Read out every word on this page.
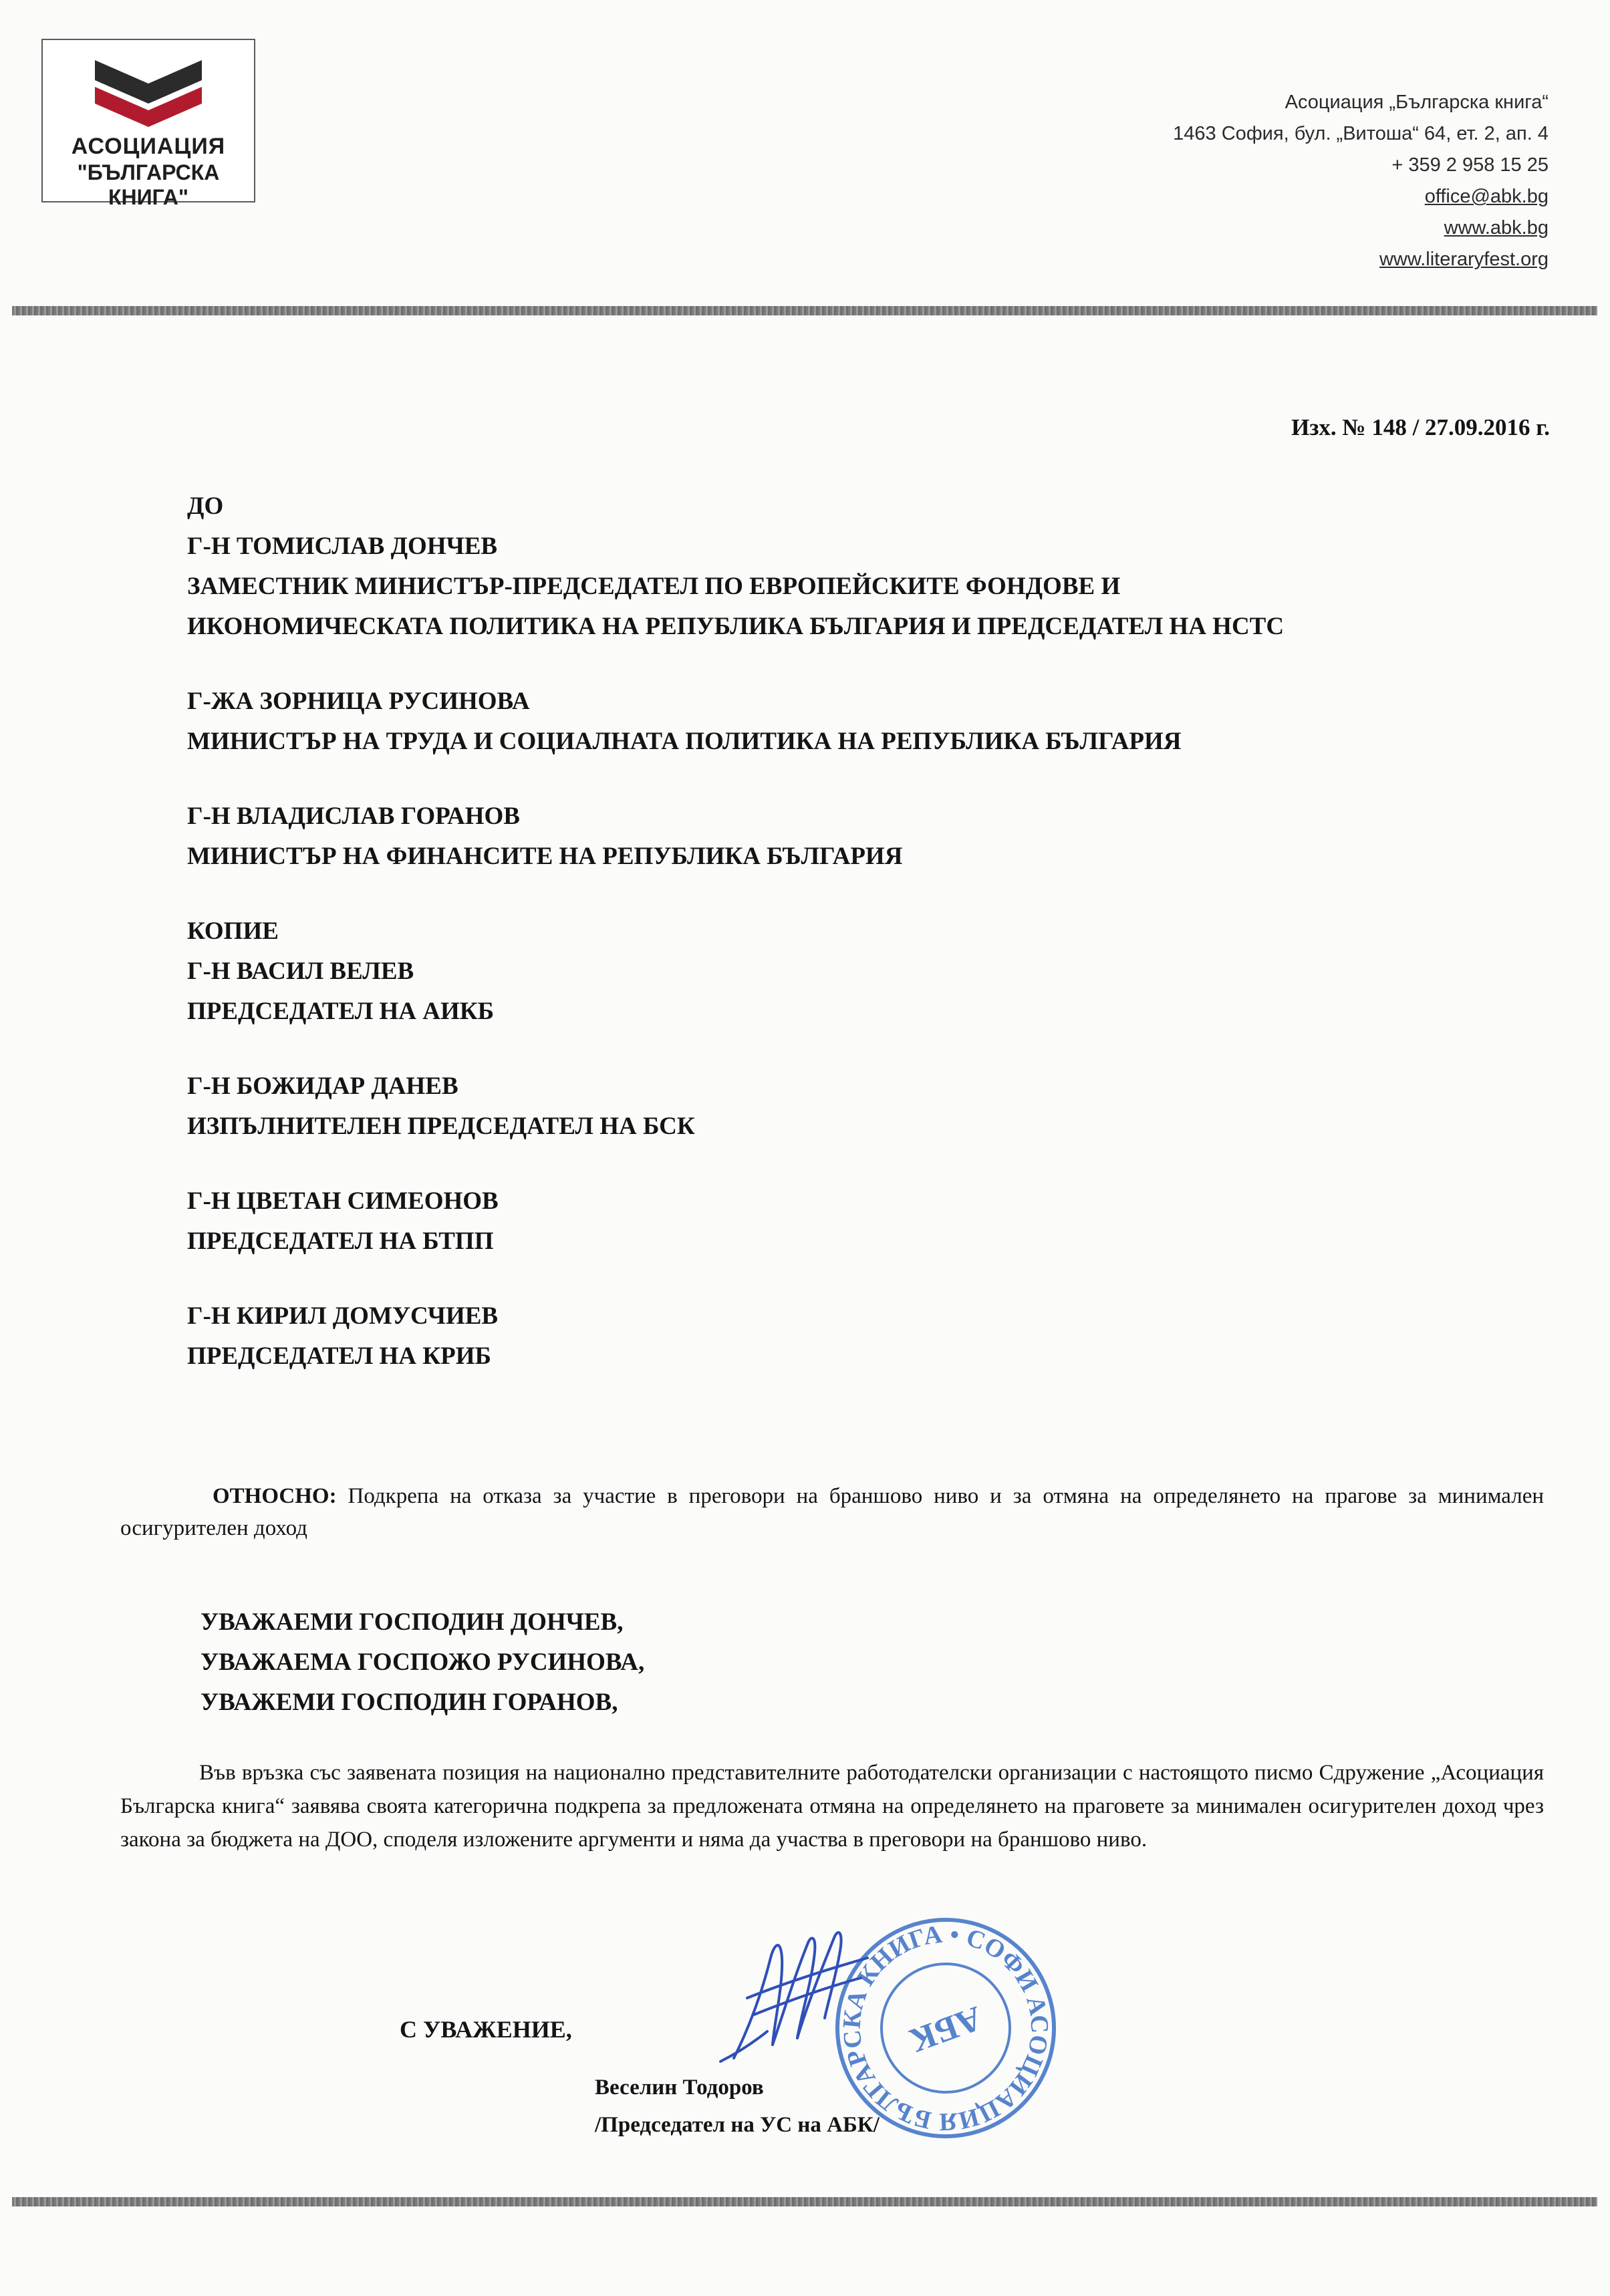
АСОЦИАЦИЯ
"БЪЛГАРСКА КНИГА"
Асоциация „Българска книга“
1463 София, бул. „Витоша“ 64, ет. 2, ап. 4
+ 359 2 958 15 25
office@abk.bg
www.abk.bg
www.literaryfest.org
Изх. № 148 / 27.09.2016 г.
ДО
Г-Н ТОМИСЛАВ ДОНЧЕВ
ЗАМЕСТНИК МИНИСТЪР-ПРЕДСЕДАТЕЛ ПО ЕВРОПЕЙСКИТЕ ФОНДОВЕ И
ИКОНОМИЧЕСКАТА ПОЛИТИКА НА РЕПУБЛИКА БЪЛГАРИЯ И ПРЕДСЕДАТЕЛ НА НСТС
Г-ЖА ЗОРНИЦА РУСИНОВА
МИНИСТЪР НА ТРУДА И СОЦИАЛНАТА ПОЛИТИКА НА РЕПУБЛИКА БЪЛГАРИЯ
Г-Н ВЛАДИСЛАВ ГОРАНОВ
МИНИСТЪР НА ФИНАНСИТЕ НА РЕПУБЛИКА БЪЛГАРИЯ
КОПИЕ
Г-Н ВАСИЛ ВЕЛЕВ
ПРЕДСЕДАТЕЛ НА АИКБ
Г-Н БОЖИДАР ДАНЕВ
ИЗПЪЛНИТЕЛЕН ПРЕДСЕДАТЕЛ НА БСК
Г-Н ЦВЕТАН СИМЕОНОВ
ПРЕДСЕДАТЕЛ НА БТПП
Г-Н КИРИЛ ДОМУСЧИЕВ
ПРЕДСЕДАТЕЛ НА КРИБ
ОТНОСНО: Подкрепа на отказа за участие в преговори на браншово ниво и за отмяна на определянето на прагове за минимален осигурителен доход
УВАЖАЕМИ ГОСПОДИН ДОНЧЕВ,
УВАЖАЕМА ГОСПОЖО РУСИНОВА,
УВАЖЕМИ ГОСПОДИН ГОРАНОВ,
Във връзка със заявената позиция на национално представителните работодателски организации с настоящото писмо Сдружение „Асоциация Българска книга“ заявява своята категорична подкрепа за предложената отмяна на определянето на праговете за минимален осигурителен доход чрез закона за бюджета на ДОО, споделя изложените аргументи и няма да участва в преговори на браншово ниво.
АСОЦИАЦИЯ БЪЛГАРСКА КНИГА • СОФИЯ
АБК
С УВАЖЕНИЕ,
Веселин Тодоров
/Председател на УС на АБК/
